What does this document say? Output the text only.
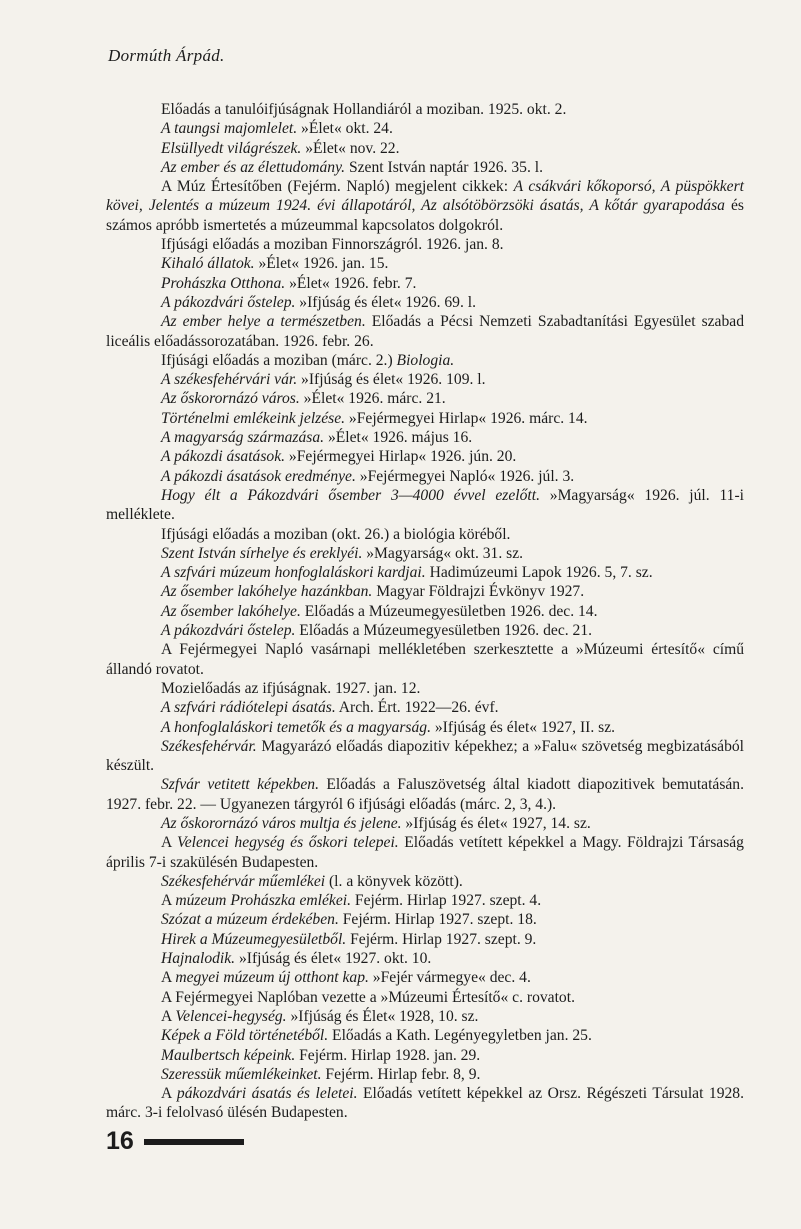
Dormúth Árpád.

Előadás a tanulóifjúságnak Hollandiáról a moziban. 1925. okt. 2.

A taungsi majomlelet. »Élet« okt. 24.

Elsüllyedt világrészek. »Élet« nov. 22.

Az ember és az élettudomány. Szent István naptár 1926. 35. l.

A Múz Értesítőben (Fejérm. Napló) megjelent cikkek: A csákvári kőkoporsó, A püspökkert kövei, Jelentés a múzeum 1924. évi állapotáról, Az alsótöbörzsöki ásatás, A kőtár gyarapodása és számos apróbb ismertetés a múzeummal kapcsolatos dolgokról.

Ifjúsági előadás a moziban Finnországról. 1926. jan. 8.

Kihaló állatok. »Élet« 1926. jan. 15.

Prohászka Otthona. »Élet« 1926. febr. 7.

A pákozdvári őstelep. »Ifjúság és élet« 1926. 69. l.

Az ember helye a természetben. Előadás a Pécsi Nemzeti Szabadtanítási Egyesület szabad liceális előadássorozatában. 1926. febr. 26.

Ifjúsági előadás a moziban (márc. 2.) Biologia.

A székesfehérvári vár. »Ifjúság és élet« 1926. 109. l.

Az őskorornázó város. »Élet« 1926. márc. 21.

Történelmi emlékeink jelzése. »Fejérmegyei Hirlap« 1926. márc. 14.

A magyarság származása. »Élet« 1926. május 16.

A pákozdi ásatások. »Fejérmegyei Hirlap« 1926. jún. 20.

A pákozdi ásatások eredménye. »Fejérmegyei Napló« 1926. júl. 3.

Hogy élt a Pákozdvári ősember 3—4000 évvel ezelőtt. »Magyarság« 1926. júl. 11-i melléklete.

Ifjúsági előadás a moziban (okt. 26.) a biológia köréből.

Szent István sírhelye és ereklyéi. »Magyarság« okt. 31. sz.

A szfvári múzeum honfoglaláskori kardjai. Hadimúzeumi Lapok 1926. 5, 7. sz.

Az ősember lakóhelye hazánkban. Magyar Földrajzi Évkönyv 1927.

Az ősember lakóhelye. Előadás a Múzeumegyesületben 1926. dec. 14.

A pákozdvári őstelep. Előadás a Múzeumegyesületben 1926. dec. 21.

A Fejérmegyei Napló vasárnapi mellékletében szerkesztette a »Múzeumi értesítő« című állandó rovatot.

Mozielőadás az ifjúságnak. 1927. jan. 12.

A szfvári rádiótelepi ásatás. Arch. Ért. 1922—26. évf.

A honfoglaláskori temetők és a magyarság. »Ifjúság és élet« 1927, II. sz.

Székesfehérvár. Magyarázó előadás diapozitiv képekhez; a »Falu« szövetség megbizatásából készült.

Szfvár vetitett képekben. Előadás a Faluszövetség által kiadott diapozitivek bemutatásán. 1927. febr. 22. — Ugyanezen tárgyról 6 ifjúsági előadás (márc. 2, 3, 4.).

Az őskorornázó város multja és jelene. »Ifjúság és élet« 1927, 14. sz.

A Velencei hegység és őskori telepei. Előadás vetített képekkel a Magy. Földrajzi Társaság április 7-i szakülésén Budapesten.

Székesfehérvár műemlékei (l. a könyvek között).

A múzeum Prohászka emlékei. Fejérm. Hirlap 1927. szept. 4.

Szózat a múzeum érdekében. Fejérm. Hirlap 1927. szept. 18.

Hirek a Múzeumegyesületből. Fejérm. Hirlap 1927. szept. 9.

Hajnalodik. »Ifjúság és élet« 1927. okt. 10.

A megyei múzeum új otthont kap. »Fejér vármegye« dec. 4.

A Fejérmegyei Naplóban vezette a »Múzeumi Értesítő« c. rovatot.

A Velencei-hegység. »Ifjúság és Élet« 1928, 10. sz.

Képek a Föld történetéből. Előadás a Kath. Legényegyletben jan. 25.

Maulbertsch képeink. Fejérm. Hirlap 1928. jan. 29.

Szeressük műemlékeinket. Fejérm. Hirlap febr. 8, 9.

A pákozdvári ásatás és leletei. Előadás vetített képekkel az Orsz. Régészeti Társulat 1928. márc. 3-i felolvasó ülésén Budapesten.

16
